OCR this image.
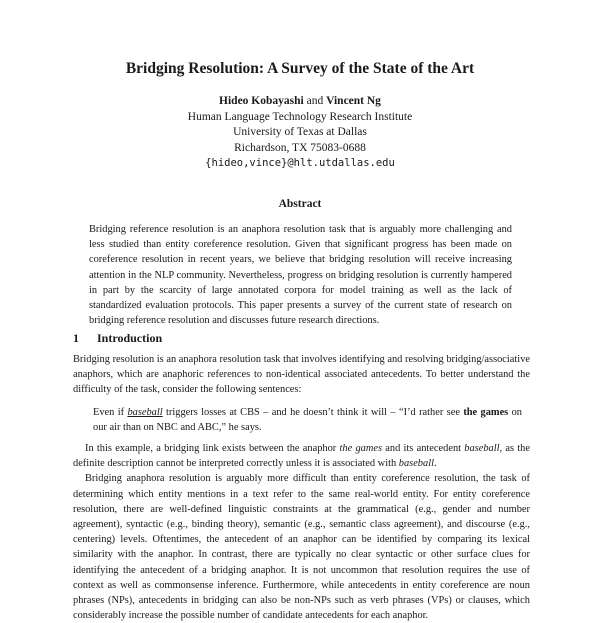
Bridging Resolution: A Survey of the State of the Art
Hideo Kobayashi and Vincent Ng
Human Language Technology Research Institute
University of Texas at Dallas
Richardson, TX 75083-0688
{hideo,vince}@hlt.utdallas.edu
Abstract
Bridging reference resolution is an anaphora resolution task that is arguably more challenging and less studied than entity coreference resolution. Given that significant progress has been made on coreference resolution in recent years, we believe that bridging resolution will receive increasing attention in the NLP community. Nevertheless, progress on bridging resolution is currently hampered in part by the scarcity of large annotated corpora for model training as well as the lack of standardized evaluation protocols. This paper presents a survey of the current state of research on bridging reference resolution and discusses future research directions.
1 Introduction

Bridging resolution is an anaphora resolution task that involves identifying and resolving bridging/associative anaphors, which are anaphoric references to non-identical associated antecedents. To better understand the difficulty of the task, consider the following sentences:

Even if baseball triggers losses at CBS – and he doesn’t think it will – “I’d rather see the games on our air than on NBC and ABC,” he says.

In this example, a bridging link exists between the anaphor the games and its antecedent baseball, as the definite description cannot be interpreted correctly unless it is associated with baseball.

Bridging anaphora resolution is arguably more difficult than entity coreference resolution, the task of determining which entity mentions in a text refer to the same real-world entity. For entity coreference resolution, there are well-defined linguistic constraints at the grammatical (e.g., gender and number agreement), syntactic (e.g., binding theory), semantic (e.g., semantic class agreement), and discourse (e.g., centering) levels. Oftentimes, the antecedent of an anaphor can be identified by comparing its lexical similarity with the anaphor. In contrast, there are typically no clear syntactic or other surface clues for identifying the antecedent of a bridging anaphor. It is not uncommon that resolution requires the use of context as well as commonsense inference. Furthermore, while antecedents in entity coreference are noun phrases (NPs), antecedents in bridging can also be non-NPs such as verb phrases (VPs) or clauses, which considerably increase the possible number of candidate antecedents for each anaphor.
